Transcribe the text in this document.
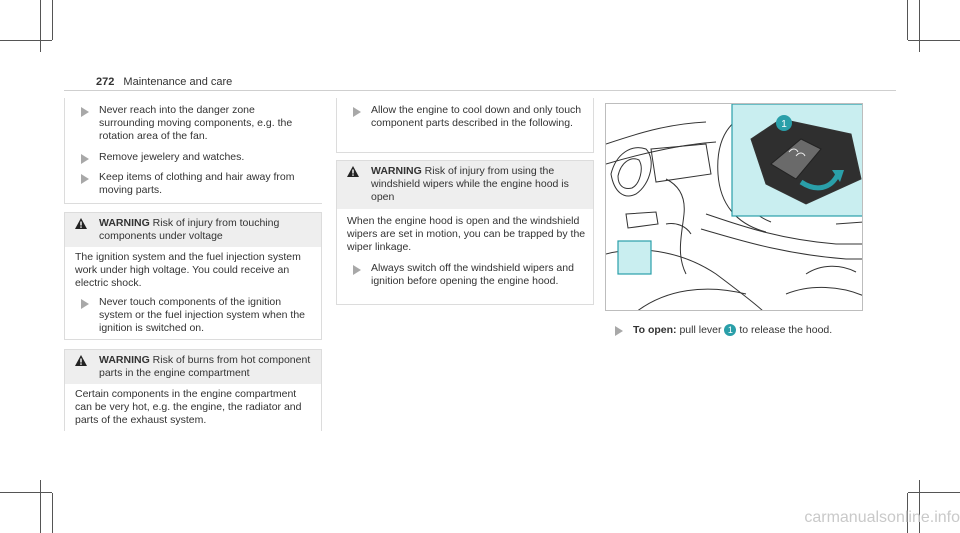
272 Maintenance and care
Never reach into the danger zone surrounding moving components, e.g. the rotation area of the fan.
Remove jewelery and watches.
Keep items of clothing and hair away from moving parts.
WARNING Risk of injury from touching components under voltage
The ignition system and the fuel injection system work under high voltage. You could receive an electric shock.
Never touch components of the ignition system or the fuel injection system when the ignition is switched on.
WARNING Risk of burns from hot component parts in the engine compartment
Certain components in the engine compartment can be very hot, e.g. the engine, the radiator and parts of the exhaust system.
Allow the engine to cool down and only touch component parts described in the following.
WARNING Risk of injury from using the windshield wipers while the engine hood is open
When the engine hood is open and the windshield wipers are set in motion, you can be trapped by the wiper linkage.
Always switch off the windshield wipers and ignition before opening the engine hood.
1
To open: pull lever 1 to release the hood.
carmanualsonline.info
